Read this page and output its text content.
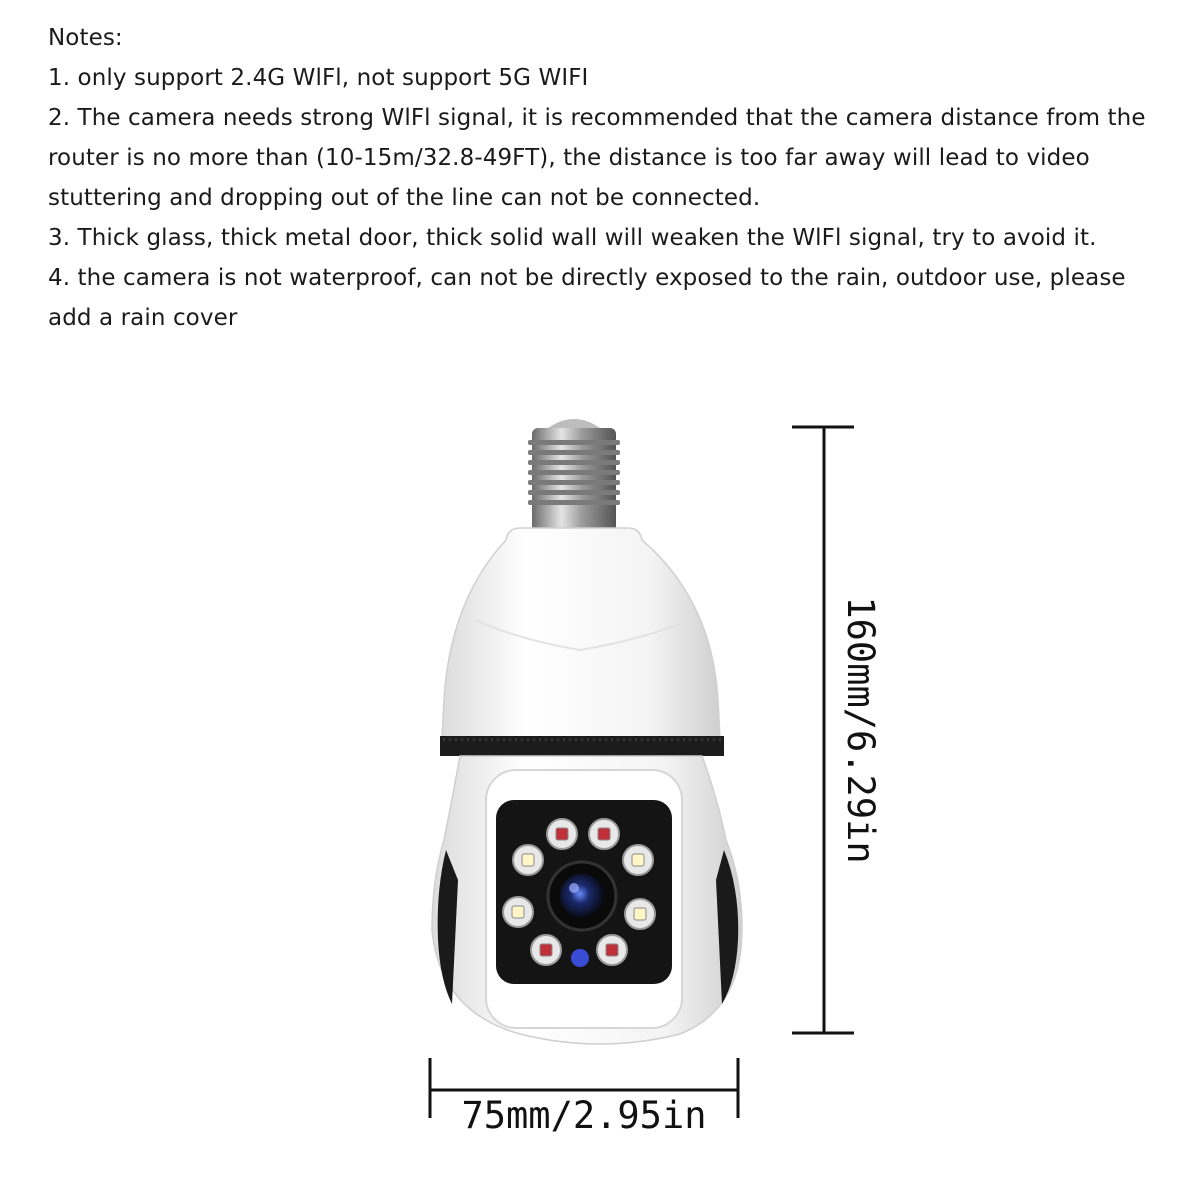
Notes:
1. only support 2.4G WlFl, not support 5G WIFI
2. The camera needs strong WlFl signal, it is recommended that the camera distance from the
router is no more than (10-15m/32.8-49FT), the distance is too far away will lead to video
stuttering and dropping out of the line can not be connected.
3. Thick glass, thick metal door, thick solid wall will weaken the WlFl signal, try to avoid it.
4. the camera is not waterproof, can not be directly exposed to the rain, outdoor use, please
add a rain cover
160mm/6.29in
75mm/2.95in
